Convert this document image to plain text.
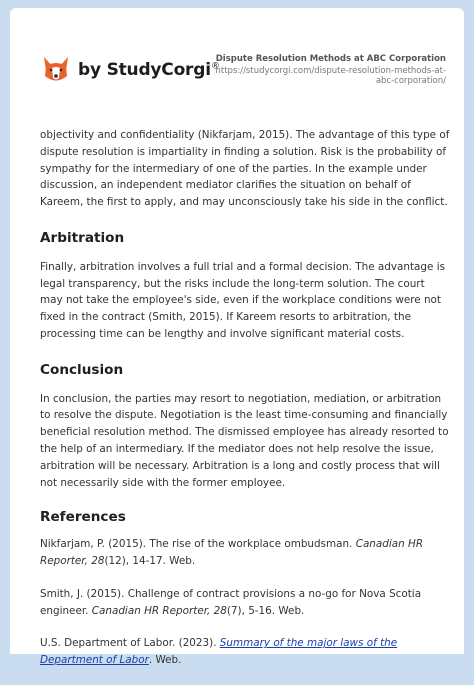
by StudyCorgi®
Dispute Resolution Methods at ABC Corporation
https://studycorgi.com/dispute-resolution-methods-at-abc-corporation/

objectivity and confidentiality (Nikfarjam, 2015). The advantage of this type of dispute resolution is impartiality in finding a solution. Risk is the probability of sympathy for the intermediary of one of the parties. In the example under discussion, an independent mediator clarifies the situation on behalf of Kareem, the first to apply, and may unconsciously take his side in the conflict.

Arbitration

Finally, arbitration involves a full trial and a formal decision. The advantage is legal transparency, but the risks include the long-term solution. The court may not take the employee's side, even if the workplace conditions were not fixed in the contract (Smith, 2015). If Kareem resorts to arbitration, the processing time can be lengthy and involve significant material costs.

Conclusion

In conclusion, the parties may resort to negotiation, mediation, or arbitration to resolve the dispute. Negotiation is the least time-consuming and financially beneficial resolution method. The dismissed employee has already resorted to the help of an intermediary. If the mediator does not help resolve the issue, arbitration will be necessary. Arbitration is a long and costly process that will not necessarily side with the former employee.

References

Nikfarjam, P. (2015). The rise of the workplace ombudsman. Canadian HR Reporter, 28(12), 14-17. Web.

Smith, J. (2015). Challenge of contract provisions a no-go for Nova Scotia engineer. Canadian HR Reporter, 28(7), 5-16. Web.

U.S. Department of Labor. (2023). Summary of the major laws of the Department of Labor. Web.
